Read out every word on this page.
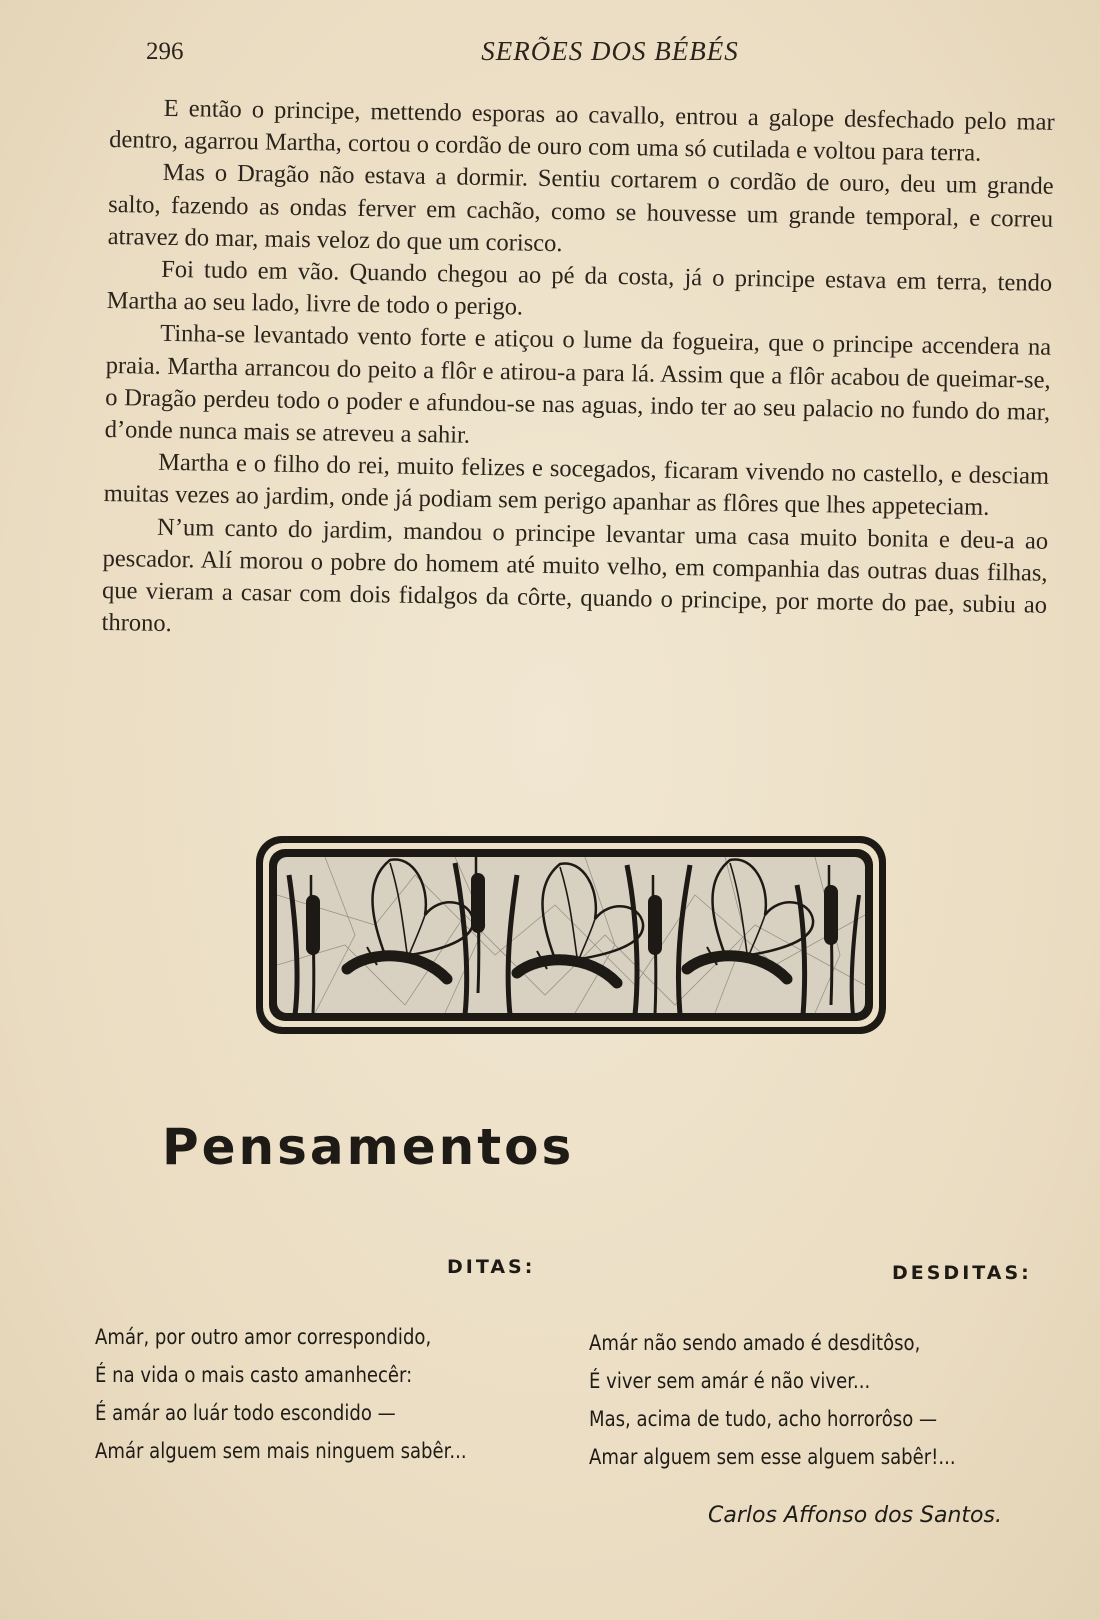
296	SERÕES DOS BÉBÉS

E então o principe, mettendo esporas ao cavallo, entrou a galope desfechado pelo mar dentro, agarrou Martha, cortou o cordão de ouro com uma só cutilada e voltou para terra.

Mas o Dragão não estava a dormir. Sentiu cortarem o cordão de ouro, deu um grande salto, fazendo as ondas ferver em cachão, como se houvesse um grande temporal, e correu atravez do mar, mais veloz do que um corisco.

Foi tudo em vão. Quando chegou ao pé da costa, já o principe estava em terra, tendo Martha ao seu lado, livre de todo o perigo.

Tinha-se levantado vento forte e atiçou o lume da fogueira, que o principe accendera na praia. Martha arrancou do peito a flôr e atirou-a para lá. Assim que a flôr acabou de queimar-se, o Dragão perdeu todo o poder e afundou-se nas aguas, indo ter ao seu palacio no fundo do mar, d’onde nunca mais se atreveu a sahir.

Martha e o filho do rei, muito felizes e socegados, ficaram vivendo no castello, e desciam muitas vezes ao jardim, onde já podiam sem perigo apanhar as flôres que lhes appeteciam.

N’um canto do jardim, mandou o principe levantar uma casa muito bonita e deu-a ao pescador. Alí morou o pobre do homem até muito velho, em companhia das outras duas filhas, que vieram a casar com dois fidalgos da côrte, quando o principe, por morte do pae, subiu ao throno.

Pensamentos
DITAS:	DESDITAS:
Amár, por outro amor correspondido,
É na vida o mais casto amanhecêr:
É amár ao luár todo escondido —
Amár alguem sem mais ninguem sabêr...
Amár não sendo amado é desditôso,
É viver sem amár é não viver...
Mas, acima de tudo, acho horrorôso —
Amar alguem sem esse alguem sabêr!...
Carlos Affonso dos Santos.
